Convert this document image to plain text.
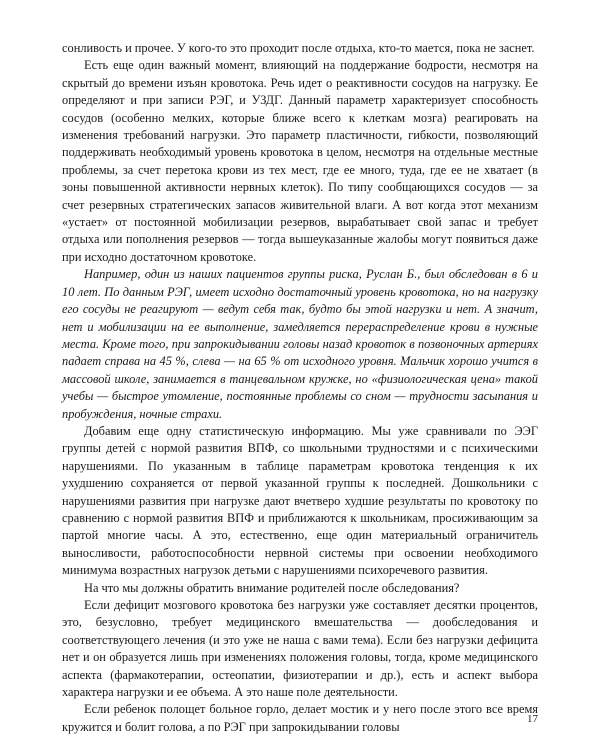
сонливость и прочее. У кого-то это проходит после отдыха, кто-то мается, пока не заснет.

Есть еще один важный момент, влияющий на поддержание бодрости, несмотря на скрытый до времени изъян кровотока. Речь идет о реактивности сосудов на нагрузку. Ее определяют и при записи РЭГ, и УЗДГ. Данный параметр характеризует способность сосудов (особенно мелких, которые ближе всего к клеткам мозга) реагировать на изменения требований нагрузки. Это параметр пластичности, гибкости, позволяющий поддерживать необходимый уровень кровотока в целом, несмотря на отдельные местные проблемы, за счет перетока крови из тех мест, где ее много, туда, где ее не хватает (в зоны повышенной активности нервных клеток). По типу сообщающихся сосудов — за счет резервных стратегических запасов живительной влаги. А вот когда этот механизм «устает» от постоянной мобилизации резервов, вырабатывает свой запас и требует отдыха или пополнения резервов — тогда вышеуказанные жалобы могут появиться даже при исходно достаточном кровотоке.

Например, один из наших пациентов группы риска, Руслан Б., был обследован в 6 и 10 лет. По данным РЭГ, имеет исходно достаточный уровень кровотока, но на нагрузку его сосуды не реагируют — ведут себя так, будто бы этой нагрузки и нет. А значит, нет и мобилизации на ее выполнение, замедляется перераспределение крови в нужные места. Кроме того, при запрокидывании головы назад кровоток в позвоночных артериях падает справа на 45 %, слева — на 65 % от исходного уровня. Мальчик хорошо учится в массовой школе, занимается в танцевальном кружке, но «физиологическая цена» такой учебы — быстрое утомление, постоянные проблемы со сном — трудности засыпания и пробуждения, ночные страхи.

Добавим еще одну статистическую информацию. Мы уже сравнивали по ЭЭГ группы детей с нормой развития ВПФ, со школьными трудностями и с психическими нарушениями. По указанным в таблице параметрам кровотока тенденция к их ухудшению сохраняется от первой указанной группы к последней. Дошкольники с нарушениями развития при нагрузке дают вчетверо худшие результаты по кровотоку по сравнению с нормой развития ВПФ и приближаются к школьникам, просиживающим за партой многие часы. А это, естественно, еще один материальный ограничитель выносливости, работоспособности нервной системы при освоении необходимого минимума возрастных нагрузок детьми с нарушениями психоречевого развития.

На что мы должны обратить внимание родителей после обследования?

Если дефицит мозгового кровотока без нагрузки уже составляет десятки процентов, это, безусловно, требует медицинского вмешательства — дообследования и соответствующего лечения (и это уже не наша с вами тема). Если без нагрузки дефицита нет и он образуется лишь при изменениях положения головы, тогда, кроме медицинского аспекта (фармакотерапии, остеопатии, физиотерапии и др.), есть и аспект выбора характера нагрузки и ее объема. А это наше поле деятельности.

Если ребенок полощет больное горло, делает мостик и у него после этого все время кружится и болит голова, а по РЭГ при запрокидывании головы

17
